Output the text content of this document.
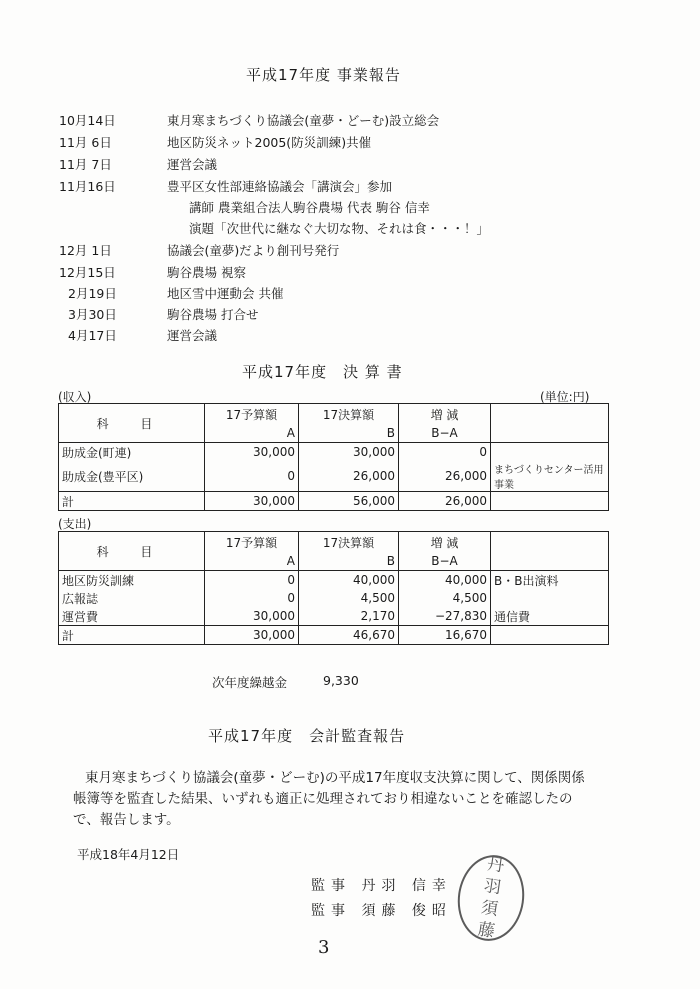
平成17年度 事業報告
10月14日	東月寒まちづくり協議会(童夢・どーむ)設立総会
11月 6日	地区防災ネット2005(防災訓練)共催
11月 7日	運営会議
11月16日	豊平区女性部連絡協議会「講演会」参加
講師 農業組合法人駒谷農場 代表 駒谷 信幸
演題「次世代に継なぐ大切な物、それは食・・・！」
12月 1日	協議会(童夢)だより創刊号発行
12月15日	駒谷農場 視察
2月19日	地区雪中運動会 共催
3月30日	駒谷農場 打合せ
4月17日	運営会議
平成17年度　決 算 書
(収入)	(単位:円)
科 目	17予算額	17決算額	増 減	
	A	B	B−A	
助成金(町連)	30,000	30,000	0	
助成金(豊平区)	0	26,000	26,000	まちづくりセンター活用事業
計	30,000	56,000	26,000	
(支出)
科 目	17予算額	17決算額	増 減	
	A	B	B−A	
地区防災訓練	0	40,000	40,000	B・B出演料
広報誌	0	4,500	4,500	
運営費	30,000	2,170	−27,830	通信費
計	30,000	46,670	16,670	
次年度繰越金	9,330
平成17年度　会計監査報告
東月寒まちづくり協議会(童夢・どーむ)の平成17年度収支決算に関して、関係関係帳簿等を監査した結果、いずれも適正に処理されており相違ないことを確認したので、報告します。
平成18年4月12日
監事 丹羽 信幸
監事 須藤 俊昭
丹
羽
須
藤
3
